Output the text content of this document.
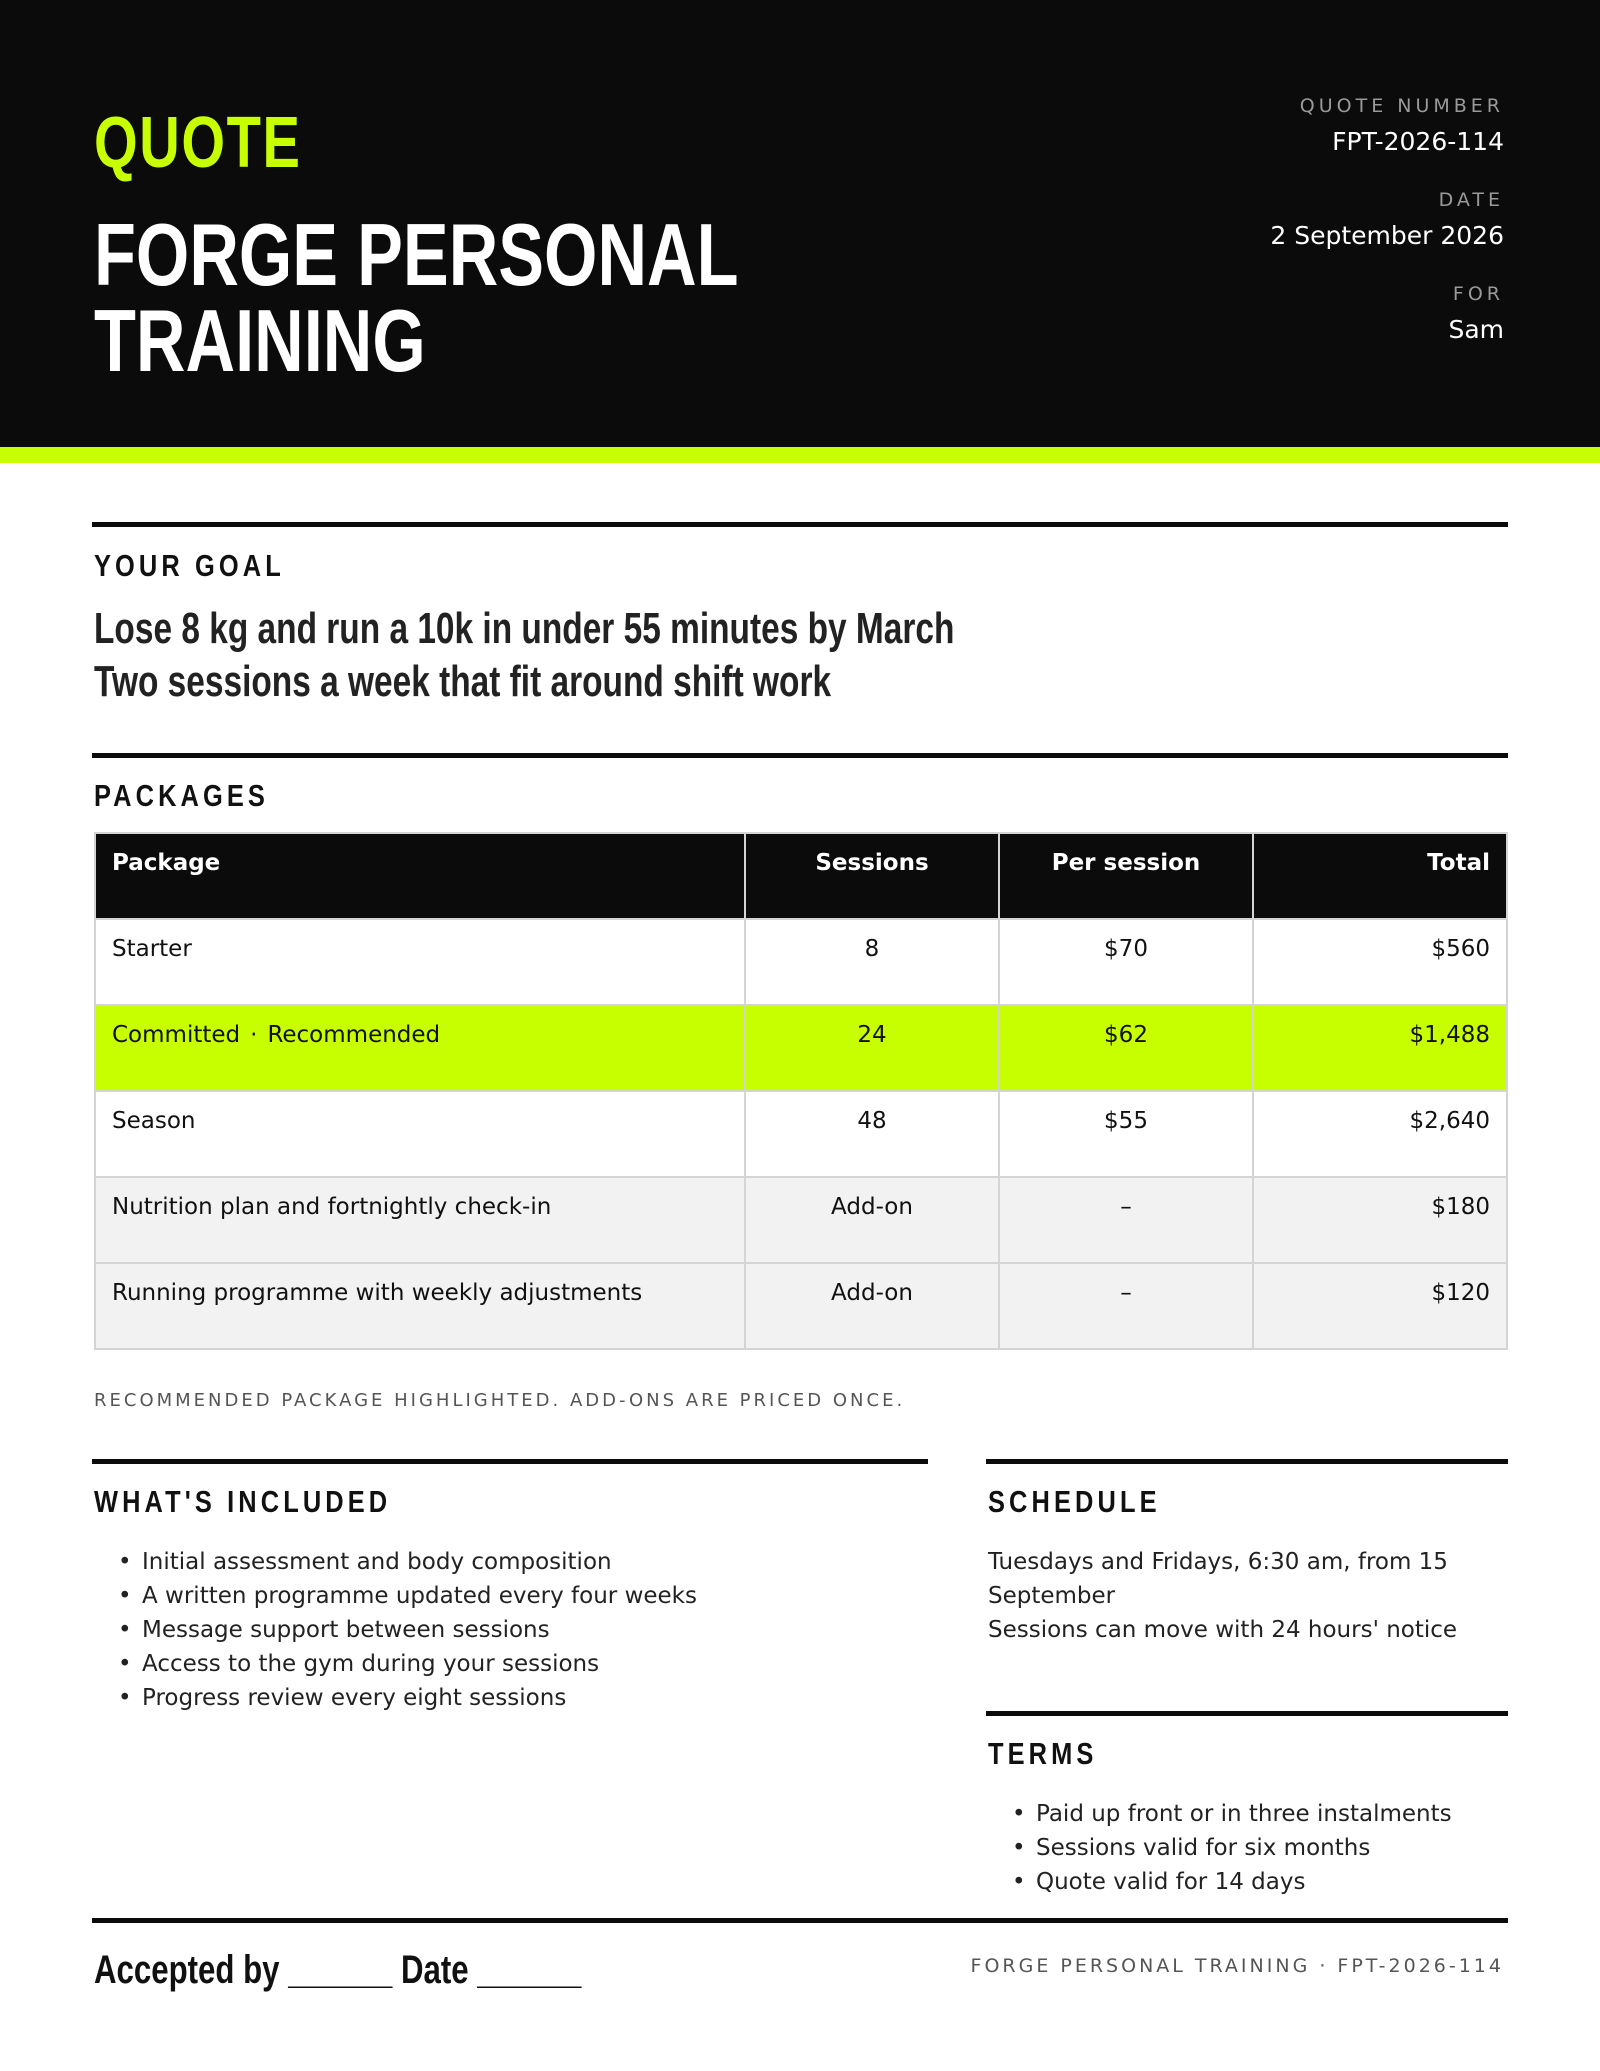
QUOTE
FORGE PERSONAL
TRAINING
QUOTE NUMBER
FPT-2026-114
DATE
2 September 2026
FOR
Sam
YOUR GOAL
Lose 8 kg and run a 10k in under 55 minutes by March
Two sessions a week that fit around shift work
PACKAGES
Package	Sessions	Per session	Total
Starter	8	$70	$560
Committed · Recommended	24	$62	$1,488
Season	48	$55	$2,640
Nutrition plan and fortnightly check-in	Add-on	–	$180
Running programme with weekly adjustments	Add-on	–	$120
RECOMMENDED PACKAGE HIGHLIGHTED. ADD-ONS ARE PRICED ONCE.
WHAT'S INCLUDED
• Initial assessment and body composition
• A written programme updated every four weeks
• Message support between sessions
• Access to the gym during your sessions
• Progress review every eight sessions
SCHEDULE
Tuesdays and Fridays, 6:30 am, from 15
September
Sessions can move with 24 hours' notice
TERMS
• Paid up front or in three instalments
• Sessions valid for six months
• Quote valid for 14 days
Accepted by ______ Date ______	FORGE PERSONAL TRAINING · FPT-2026-114
